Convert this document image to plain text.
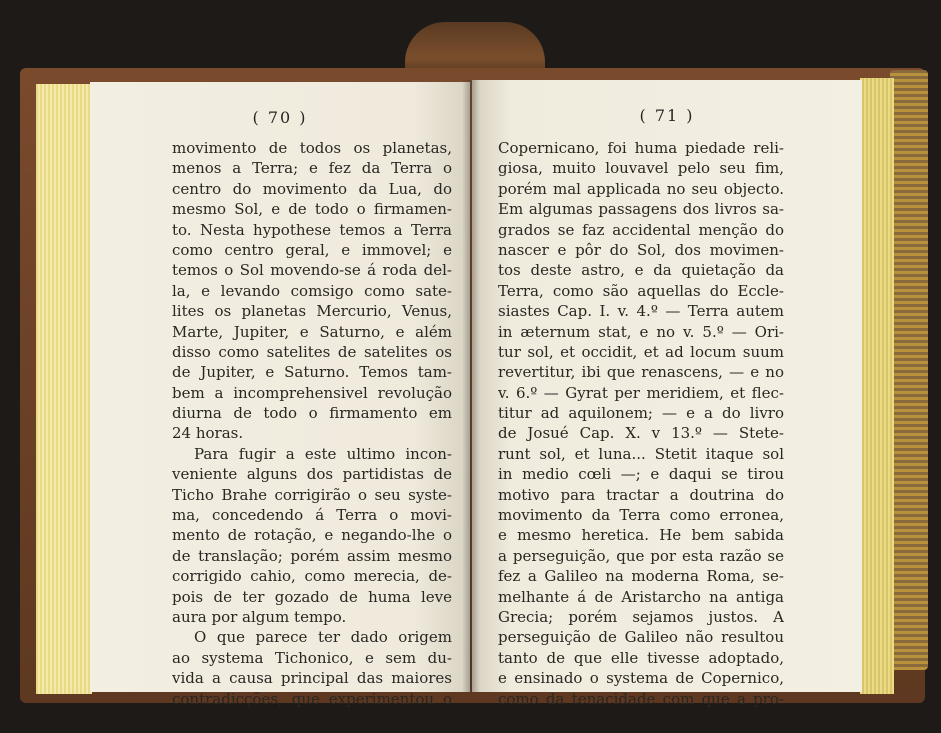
( 70 )
movimento de todos os planetas,
menos a Terra; e fez da Terra o
centro do movimento da Lua, do
mesmo Sol, e de todo o firmamen-
to. Nesta hypothese temos a Terra
como centro geral, e immovel; e
temos o Sol movendo-se á roda del-
la, e levando comsigo como sate-
lites os planetas Mercurio, Venus,
Marte, Jupiter, e Saturno, e além
disso como satelites de satelites os
de Jupiter, e Saturno. Temos tam-
bem a incomprehensivel revolução
diurna de todo o firmamento em
24 horas.
Para fugir a este ultimo incon-
veniente alguns dos partidistas de
Ticho Brahe corrigirão o seu syste-
ma, concedendo á Terra o movi-
mento de rotação, e negando-lhe o
de translação; porém assim mesmo
corrigido cahio, como merecia, de-
pois de ter gozado de huma leve
aura por algum tempo.
O que parece ter dado origem
ao systema Tichonico, e sem du-
vida a causa principal das maiores
contradicções, que experimentou o
( 71 )
Copernicano, foi huma piedade reli-
giosa, muito louvavel pelo seu fim,
porém mal applicada no seu objecto.
Em algumas passagens dos livros sa-
grados se faz accidental menção do
nascer e pôr do Sol, dos movimen-
tos deste astro, e da quietação da
Terra, como são aquellas do Eccle-
siastes Cap. I. v. 4.º — Terra autem
in æternum stat, e no v. 5.º — Ori-
tur sol, et occidit, et ad locum suum
revertitur, ibi que renascens, — e no
v. 6.º — Gyrat per meridiem, et flec-
titur ad aquilonem; — e a do livro
de Josué Cap. X. v 13.º — Stete-
runt sol, et luna... Stetit itaque sol
in medio cœli —; e daqui se tirou
motivo para tractar a doutrina do
movimento da Terra como erronea,
e mesmo heretica. He bem sabida
a perseguição, que por esta razão se
fez a Galileo na moderna Roma, se-
melhante á de Aristarcho na antiga
Grecia; porém sejamos justos. A
perseguição de Galileo não resultou
tanto de que elle tivesse adoptado,
e ensinado o systema de Copernico,
como da tenacidade com que a pro-
